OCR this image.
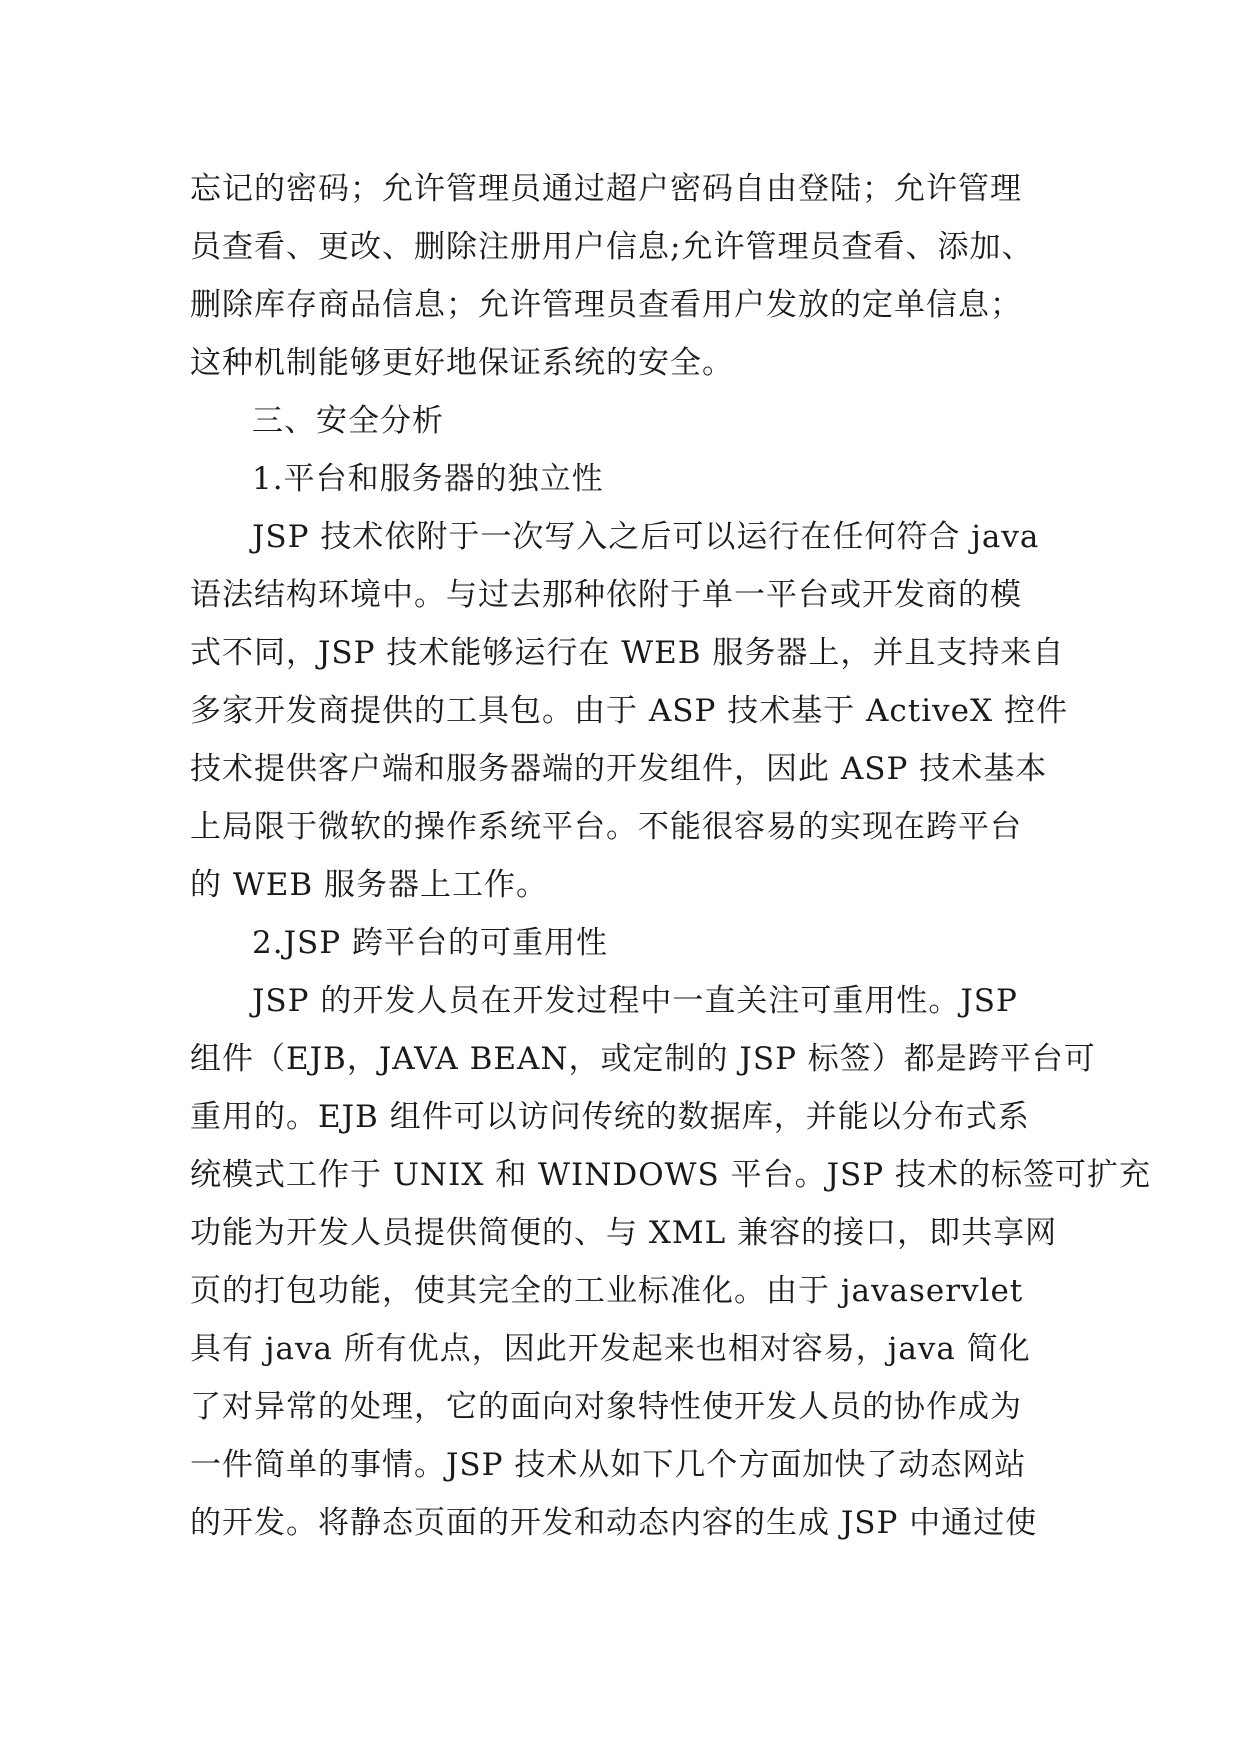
忘记的密码；允许管理员通过超户密码自由登陆；允许管理
员查看、更改、删除注册用户信息;允许管理员查看、添加、
删除库存商品信息；允许管理员查看用户发放的定单信息；
这种机制能够更好地保证系统的安全。
三、安全分析
1.平台和服务器的独立性
JSP 技术依附于一次写入之后可以运行在任何符合 java
语法结构环境中。与过去那种依附于单一平台或开发商的模
式不同，JSP 技术能够运行在 WEB 服务器上，并且支持来自
多家开发商提供的工具包。由于 ASP 技术基于 ActiveX 控件
技术提供客户端和服务器端的开发组件，因此 ASP 技术基本
上局限于微软的操作系统平台。不能很容易的实现在跨平台
的 WEB 服务器上工作。
2.JSP 跨平台的可重用性
JSP 的开发人员在开发过程中一直关注可重用性。JSP
组件（EJB，JAVA BEAN，或定制的 JSP 标签）都是跨平台可
重用的。EJB 组件可以访问传统的数据库，并能以分布式系
统模式工作于 UNIX 和 WINDOWS 平台。JSP 技术的标签可扩充
功能为开发人员提供简便的、与 XML 兼容的接口，即共享网
页的打包功能，使其完全的工业标准化。由于 javaservlet
具有 java 所有优点，因此开发起来也相对容易，java 简化
了对异常的处理，它的面向对象特性使开发人员的协作成为
一件简单的事情。JSP 技术从如下几个方面加快了动态网站
的开发。将静态页面的开发和动态内容的生成 JSP 中通过使
